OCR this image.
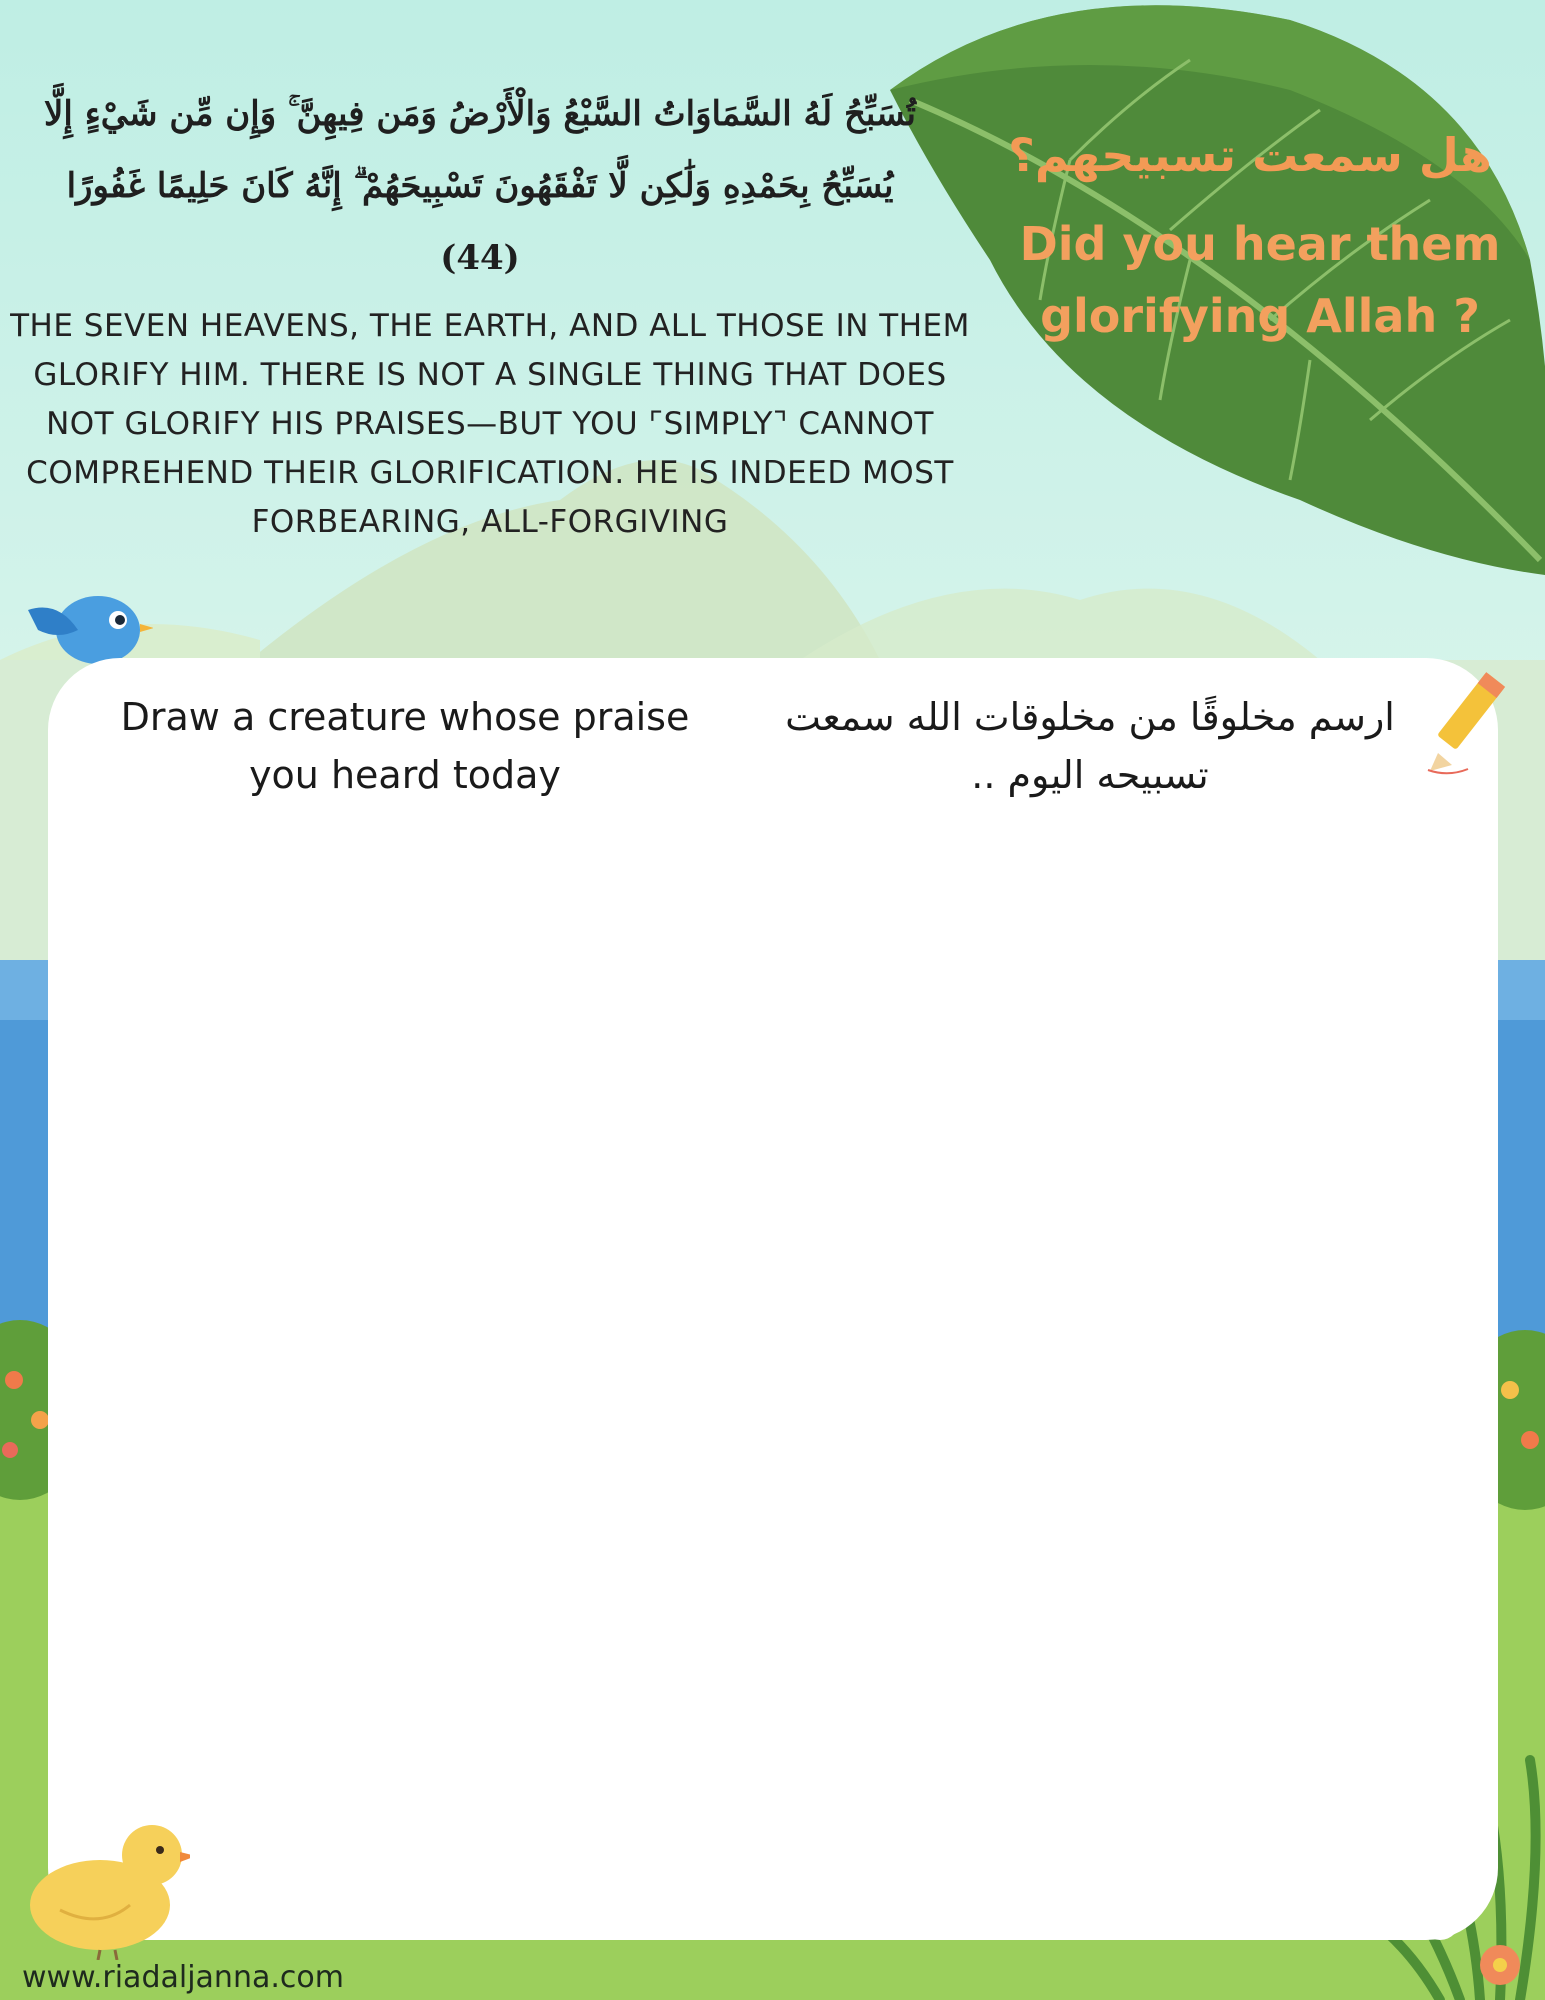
تُسَبِّحُ لَهُ السَّمَاوَاتُ السَّبْعُ وَالْأَرْضُ وَمَن فِيهِنَّ ۚ وَإِن مِّن شَيْءٍ إِلَّا يُسَبِّحُ بِحَمْدِهِ وَلَٰكِن لَّا تَفْقَهُونَ تَسْبِيحَهُمْ ۗ إِنَّهُ كَانَ حَلِيمًا غَفُورًا (44)
THE SEVEN HEAVENS, THE EARTH, AND ALL THOSE IN THEM GLORIFY HIM. THERE IS NOT A SINGLE THING THAT DOES NOT GLORIFY HIS PRAISES—BUT YOU ⌜SIMPLY⌝ CANNOT COMPREHEND THEIR GLORIFICATION. HE IS INDEED MOST FORBEARING, ALL-FORGIVING
هل سمعت تسبيحهم؟
Did you hear them glorifying Allah ?
Draw a creature whose praise you heard today
ارسم مخلوقًا من مخلوقات الله سمعت تسبيحه اليوم ..
www.riadaljanna.com
